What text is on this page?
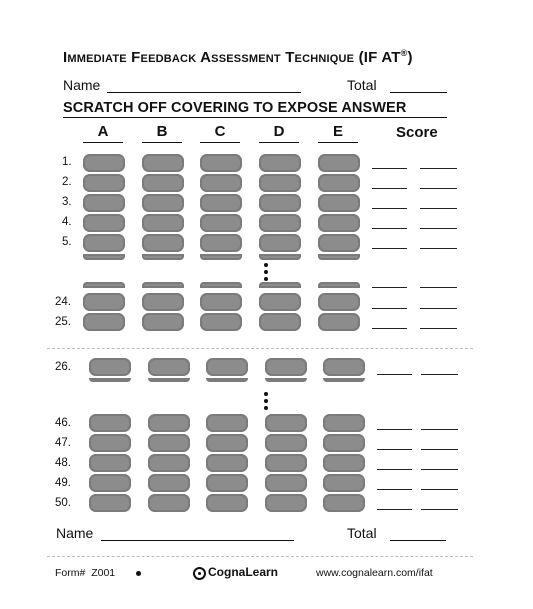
Immediate Feedback Assessment Technique (IF AT®)
Name	Total
SCRATCH OFF COVERING TO EXPOSE ANSWER
A	B	C	D	E	Score
1.
2.
3.
4.
5.
24.
25.
26.
46.
47.
48.
49.
50.
Name	Total
Form# Z001	CognaLearn	www.cognalearn.com/ifat
